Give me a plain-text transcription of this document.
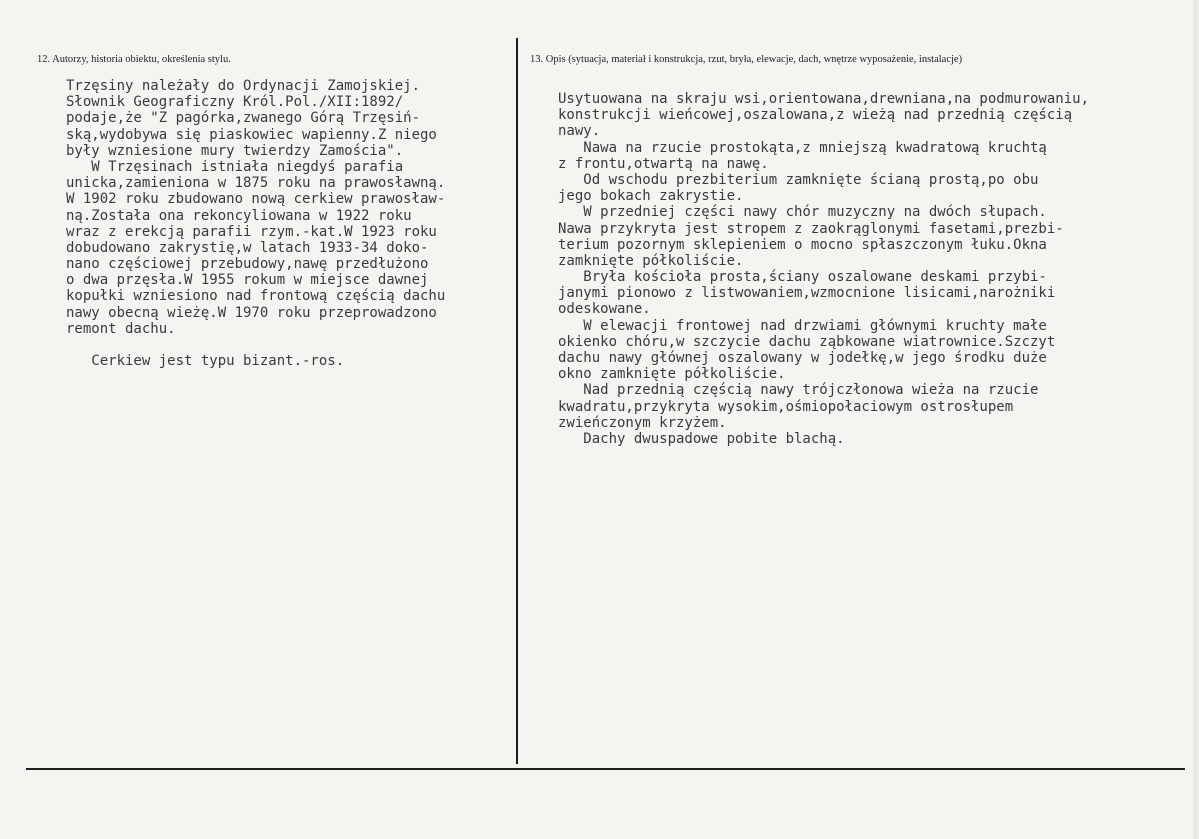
12. Autorzy, historia obiektu, określenia stylu.	13. Opis (sytuacja, materiał i konstrukcja, rzut, bryła, elewacje, dach, wnętrze wyposażenie, instalacje)
Trzęsiny należały do Ordynacji Zamojskiej.
Słownik Geograficzny Król.Pol./XII:1892/
podaje,że "Z pagórka,zwanego Górą Trzęsiń-
ską,wydobywa się piaskowiec wapienny.Z niego
były wzniesione mury twierdzy Zamościa".
W Trzęsinach istniała niegdyś parafia
unicka,zamieniona w 1875 roku na prawosławną.
W 1902 roku zbudowano nową cerkiew prawosław-
ną.Została ona rekoncyliowana w 1922 roku
wraz z erekcją parafii rzym.-kat.W 1923 roku
dobudowano zakrystię,w latach 1933-34 doko-
nano częściowej przebudowy,nawę przedłużono
o dwa przęsła.W 1955 rokum w miejsce dawnej
kopułki wzniesiono nad frontową częścią dachu
nawy obecną wieżę.W 1970 roku przeprowadzono
remont dachu.
Cerkiew jest typu bizant.-ros.
Usytuowana na skraju wsi,orientowana,drewniana,na podmurowaniu,
konstrukcji wieńcowej,oszalowana,z wieżą nad przednią częścią
nawy.
Nawa na rzucie prostokąta,z mniejszą kwadratową kruchtą
z frontu,otwartą na nawę.
Od wschodu prezbiterium zamknięte ścianą prostą,po obu
jego bokach zakrystie.
W przedniej części nawy chór muzyczny na dwóch słupach.
Nawa przykryta jest stropem z zaokrąglonymi fasetami,prezbi-
terium pozornym sklepieniem o mocno spłaszczonym łuku.Okna
zamknięte półkoliście.
Bryła kościoła prosta,ściany oszalowane deskami przybi-
janymi pionowo z listwowaniem,wzmocnione lisicami,narożniki
odeskowane.
W elewacji frontowej nad drzwiami głównymi kruchty małe
okienko chóru,w szczycie dachu ząbkowane wiatrownice.Szczyt
dachu nawy głównej oszalowany w jodełkę,w jego środku duże
okno zamknięte półkoliście.
Nad przednią częścią nawy trójczłonowa wieża na rzucie
kwadratu,przykryta wysokim,ośmiopołaciowym ostrosłupem
zwieńczonym krzyżem.
Dachy dwuspadowe pobite blachą.
